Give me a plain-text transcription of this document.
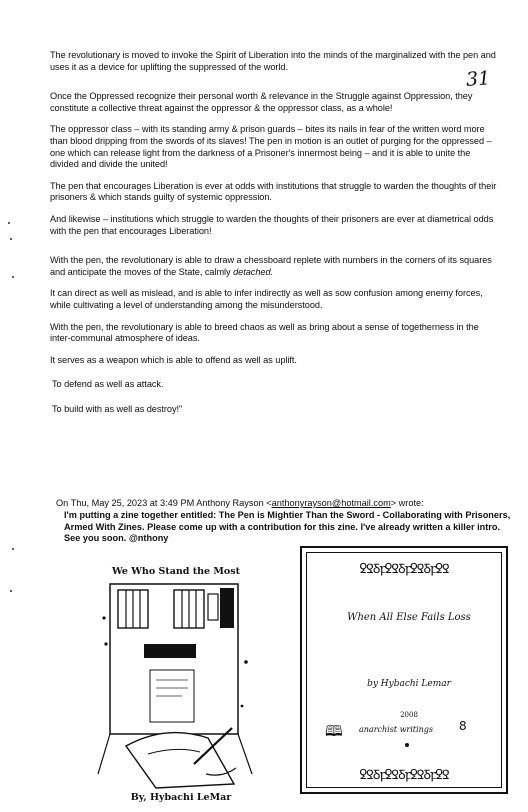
31

The revolutionary is moved to invoke the Spirit of Liberation into the minds of the marginalized with the pen and uses it as a device for uplifting the suppressed of the world.

Once the Oppressed recognize their personal worth & relevance in the Struggle against Oppression, they constitute a collective threat against the oppressor & the oppressor class, as a whole!

The oppressor class – with its standing army & prison guards – bites its nails in fear of the written word more than blood dripping from the swords of its slaves! The pen in motion is an outlet of purging for the oppressed – one which can release light from the darkness of a Prisoner's innermost being – and it is able to unite the divided and divide the united!

The pen that encourages Liberation is ever at odds with institutions that struggle to warden the thoughts of their prisoners & which stands guilty of systemic oppression.

And likewise – institutions which struggle to warden the thoughts of their prisoners are ever at diametrical odds with the pen that encourages Liberation!

With the pen, the revolutionary is able to draw a chessboard replete with numbers in the corners of its squares and anticipate the moves of the State, calmly detached.

It can direct as well as mislead, and is able to infer indirectly as well as sow confusion among enemy forces, while cultivating a level of understanding among the misunderstood.

With the pen, the revolutionary is able to breed chaos as well as bring about a sense of togetherness in the inter-communal atmosphere of ideas.

It serves as a weapon which is able to offend as well as uplift.

To defend as well as attack.

To build with as well as destroy!"

On Thu, May 25, 2023 at 3:49 PM Anthony Rayson <anthonyrayson@hotmail.com> wrote:
I'm putting a zine together entitled: The Pen is Mightier Than the Sword - Collaborating with Prisoners, Armed With Zines. Please come up with a contribution for this zine. I've already written a killer intro. See you soon. @nthony
We Who Stand the Most
By, Hybachi LeMar
ꝿꝾꝽꝼꝿꝾꝽꝼꝿꝾꝽꝼꝿꝾ
When All Else Fails Loss
by Hybachi Lemar
2008
🕮 anarchist writings 8
ꝿꝾꝽꝼꝿꝾꝽꝼꝿꝾꝽꝼꝿꝾ
